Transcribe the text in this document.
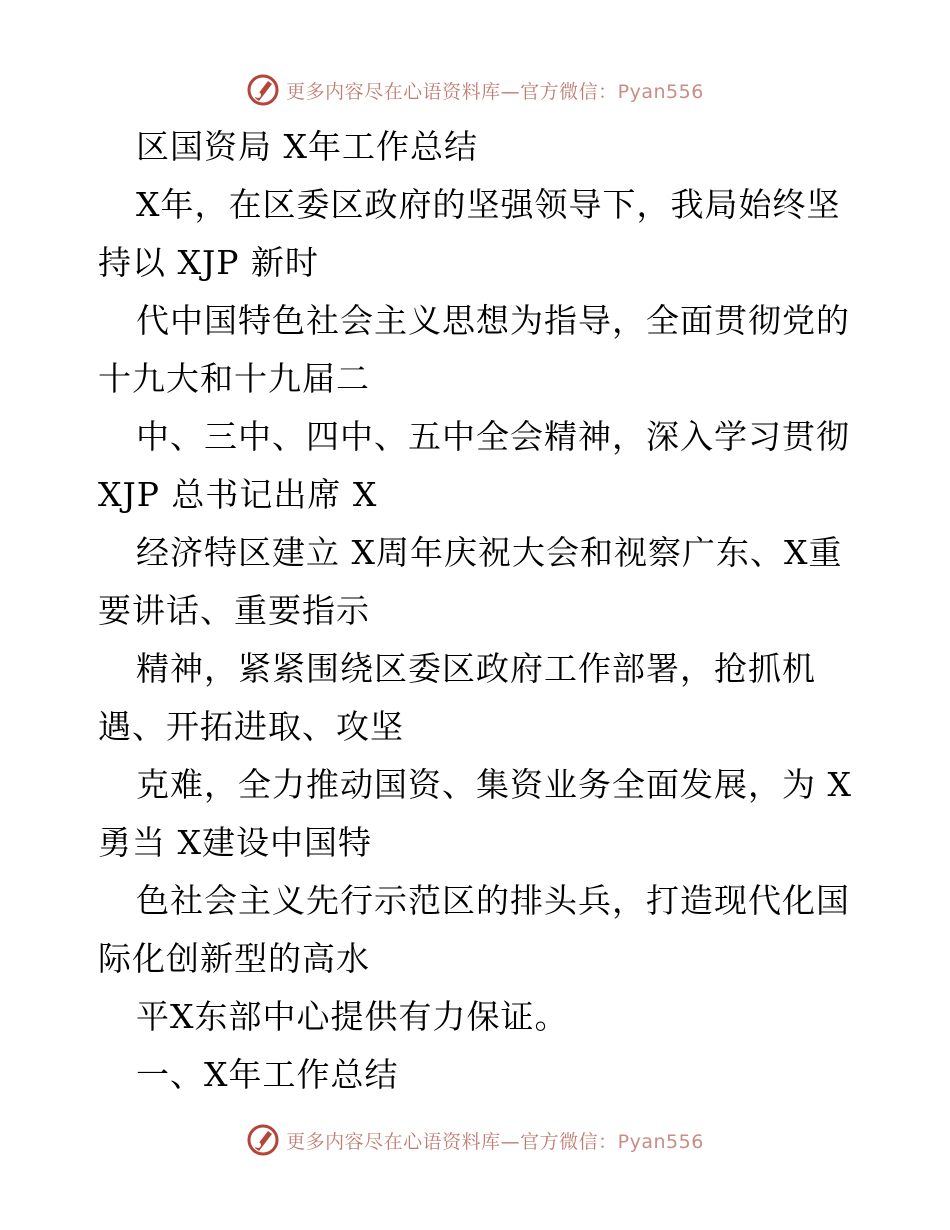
更多内容尽在心语资料库—官方微信：Pyan556
区国资局 X年工作总结
X年，在区委区政府的坚强领导下，我局始终坚
持以 XJP 新时
代中国特色社会主义思想为指导，全面贯彻党的
十九大和十九届二
中、三中、四中、五中全会精神，深入学习贯彻
XJP 总书记出席 X
经济特区建立 X周年庆祝大会和视察广东、X重
要讲话、重要指示
精神，紧紧围绕区委区政府工作部署，抢抓机
遇、开拓进取、攻坚
克难，全力推动国资、集资业务全面发展，为 X
勇当 X建设中国特
色社会主义先行示范区的排头兵，打造现代化国
际化创新型的高水
平X东部中心提供有力保证。
一、X年工作总结
更多内容尽在心语资料库—官方微信：Pyan556
